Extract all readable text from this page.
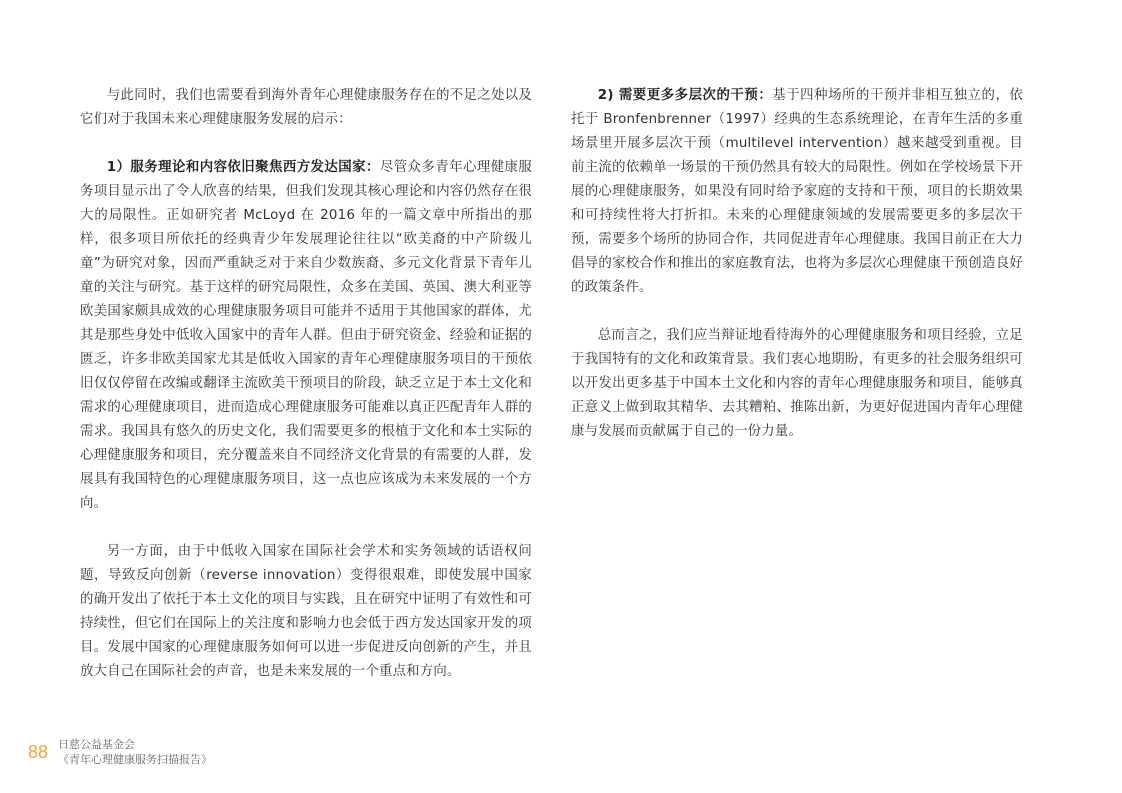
与此同时，我们也需要看到海外青年心理健康服务存在的不足之处以及它们对于我国未来心理健康服务发展的启示：

1）服务理论和内容依旧聚焦西方发达国家：尽管众多青年心理健康服务项目显示出了令人欣喜的结果，但我们发现其核心理论和内容仍然存在很大的局限性。正如研究者 McLoyd 在 2016 年的一篇文章中所指出的那样，很多项目所依托的经典青少年发展理论往往以“欧美裔的中产阶级儿童”为研究对象，因而严重缺乏对于来自少数族裔、多元文化背景下青年儿童的关注与研究。基于这样的研究局限性，众多在美国、英国、澳大利亚等欧美国家颇具成效的心理健康服务项目可能并不适用于其他国家的群体，尤其是那些身处中低收入国家中的青年人群。但由于研究资金、经验和证据的匮乏，许多非欧美国家尤其是低收入国家的青年心理健康服务项目的干预依旧仅仅停留在改编或翻译主流欧美干预项目的阶段，缺乏立足于本土文化和需求的心理健康项目，进而造成心理健康服务可能难以真正匹配青年人群的需求。我国具有悠久的历史文化，我们需要更多的根植于文化和本土实际的心理健康服务和项目，充分覆盖来自不同经济文化背景的有需要的人群，发展具有我国特色的心理健康服务项目，这一点也应该成为未来发展的一个方向。

另一方面，由于中低收入国家在国际社会学术和实务领域的话语权问题，导致反向创新（reverse innovation）变得很艰难，即使发展中国家的确开发出了依托于本土文化的项目与实践，且在研究中证明了有效性和可持续性，但它们在国际上的关注度和影响力也会低于西方发达国家开发的项目。发展中国家的心理健康服务如何可以进一步促进反向创新的产生，并且放大自己在国际社会的声音，也是未来发展的一个重点和方向。

2) 需要更多多层次的干预：基于四种场所的干预并非相互独立的，依托于 Bronfenbrenner（1997）经典的生态系统理论，在青年生活的多重场景里开展多层次干预（multilevel intervention）越来越受到重视。目前主流的依赖单一场景的干预仍然具有较大的局限性。例如在学校场景下开展的心理健康服务，如果没有同时给予家庭的支持和干预，项目的长期效果和可持续性将大打折扣。未来的心理健康领域的发展需要更多的多层次干预，需要多个场所的协同合作，共同促进青年心理健康。我国目前正在大力倡导的家校合作和推出的家庭教育法，也将为多层次心理健康干预创造良好的政策条件。

总而言之，我们应当辩证地看待海外的心理健康服务和项目经验，立足于我国特有的文化和政策背景。我们衷心地期盼，有更多的社会服务组织可以开发出更多基于中国本土文化和内容的青年心理健康服务和项目，能够真正意义上做到取其精华、去其糟粕、推陈出新，为更好促进国内青年心理健康与发展而贡献属于自己的一份力量。

88 日慈公益基金会
《青年心理健康服务扫描报告》
